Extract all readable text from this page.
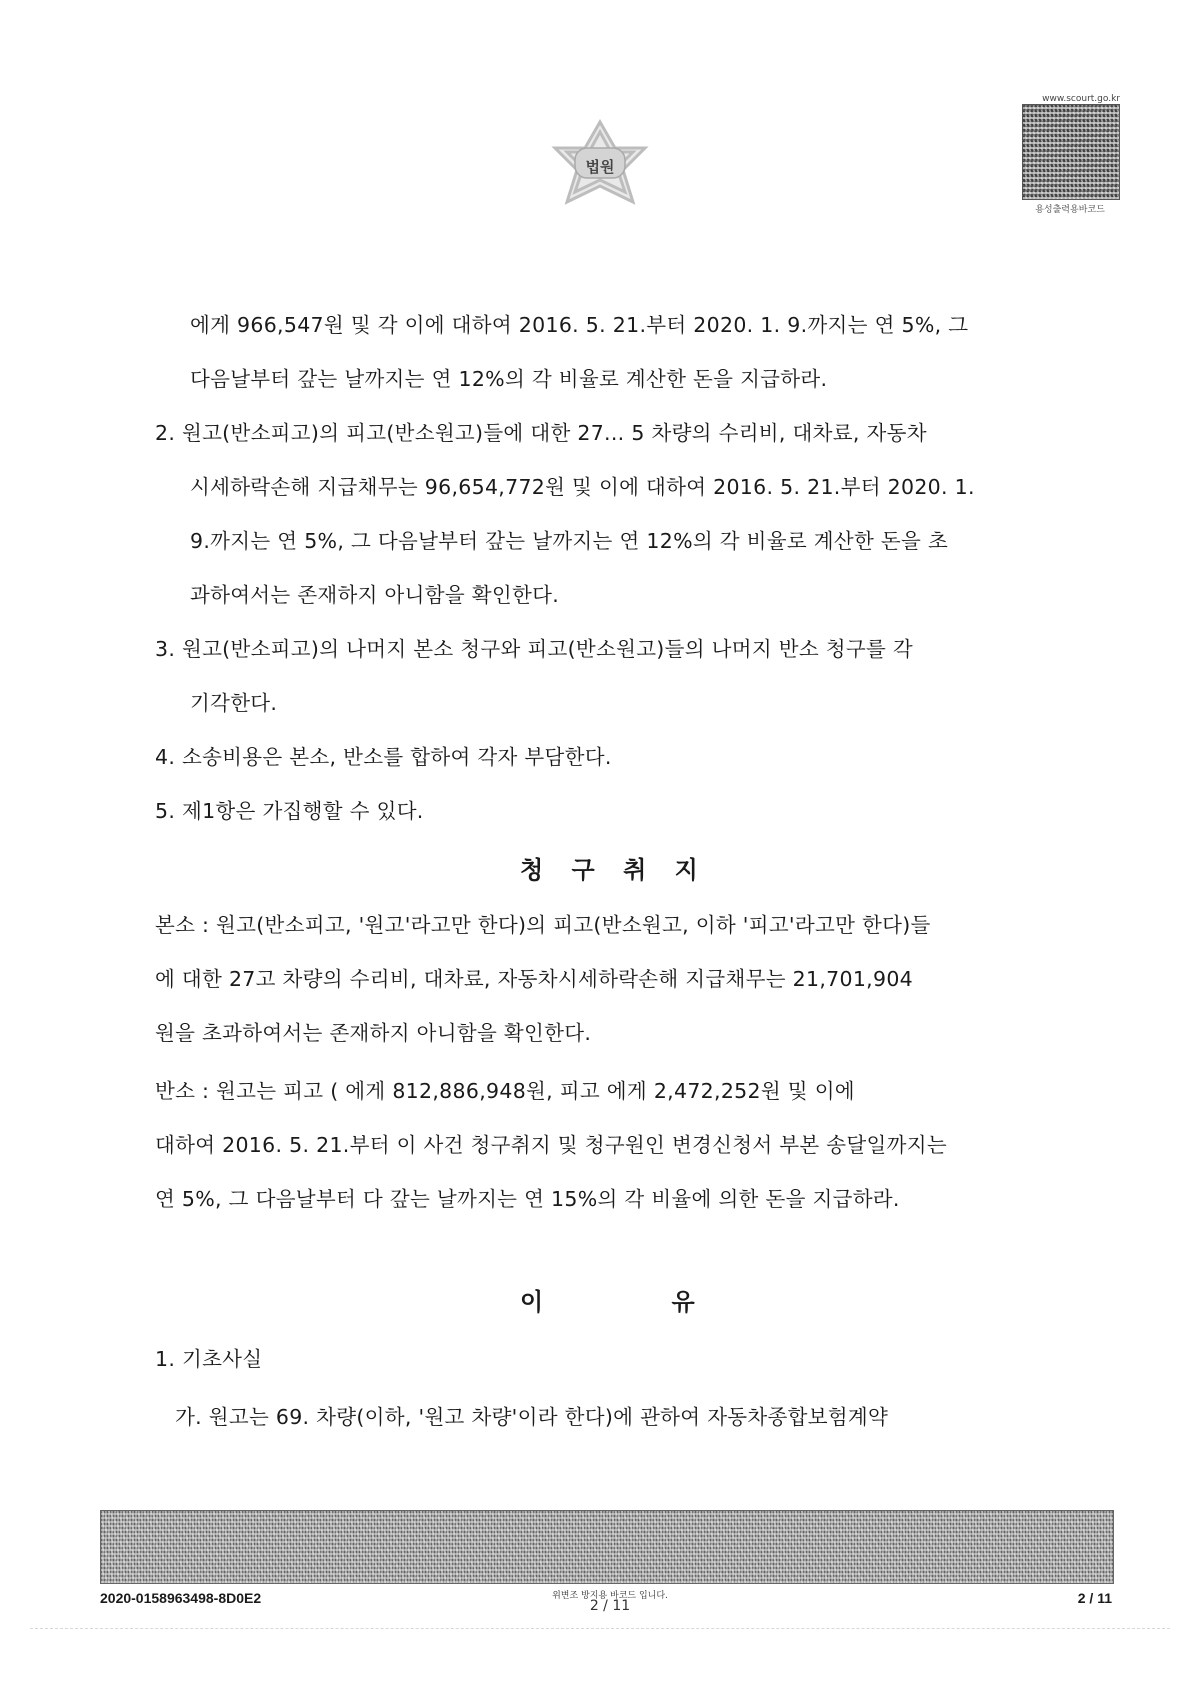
법원
www.scourt.go.kr
용성출력용바코드
에게 966,547원 및 각 이에 대하여 2016. 5. 21.부터 2020. 1. 9.까지는 연 5%, 그
다음날부터 갚는 날까지는 연 12%의 각 비율로 계산한 돈을 지급하라.
2. 원고(반소피고)의 피고(반소원고)들에 대한 27... 5 차량의 수리비, 대차료, 자동차
시세하락손해 지급채무는 96,654,772원 및 이에 대하여 2016. 5. 21.부터 2020. 1.
9.까지는 연 5%, 그 다음날부터 갚는 날까지는 연 12%의 각 비율로 계산한 돈을 초
과하여서는 존재하지 아니함을 확인한다.
3. 원고(반소피고)의 나머지 본소 청구와 피고(반소원고)들의 나머지 반소 청구를 각
기각한다.
4. 소송비용은 본소, 반소를 합하여 각자 부담한다.
5. 제1항은 가집행할 수 있다.
청 구 취 지
본소 : 원고(반소피고, '원고'라고만 한다)의 피고(반소원고, 이하 '피고'라고만 한다)들
에 대한 27고 차량의 수리비, 대차료, 자동차시세하락손해 지급채무는 21,701,904
원을 초과하여서는 존재하지 아니함을 확인한다.
반소 : 원고는 피고 ( 에게 812,886,948원, 피고 에게 2,472,252원 및 이에
대하여 2016. 5. 21.부터 이 사건 청구취지 및 청구원인 변경신청서 부본 송달일까지는
연 5%, 그 다음날부터 다 갚는 날까지는 연 15%의 각 비율에 의한 돈을 지급하라.
이 유
1. 기초사실
가. 원고는 69. 차량(이하, '원고 차량'이라 한다)에 관하여 자동차종합보험계약
2020-0158963498-8D0E2	위변조 방지용 바코드 입니다.
2 / 11	2 / 11
